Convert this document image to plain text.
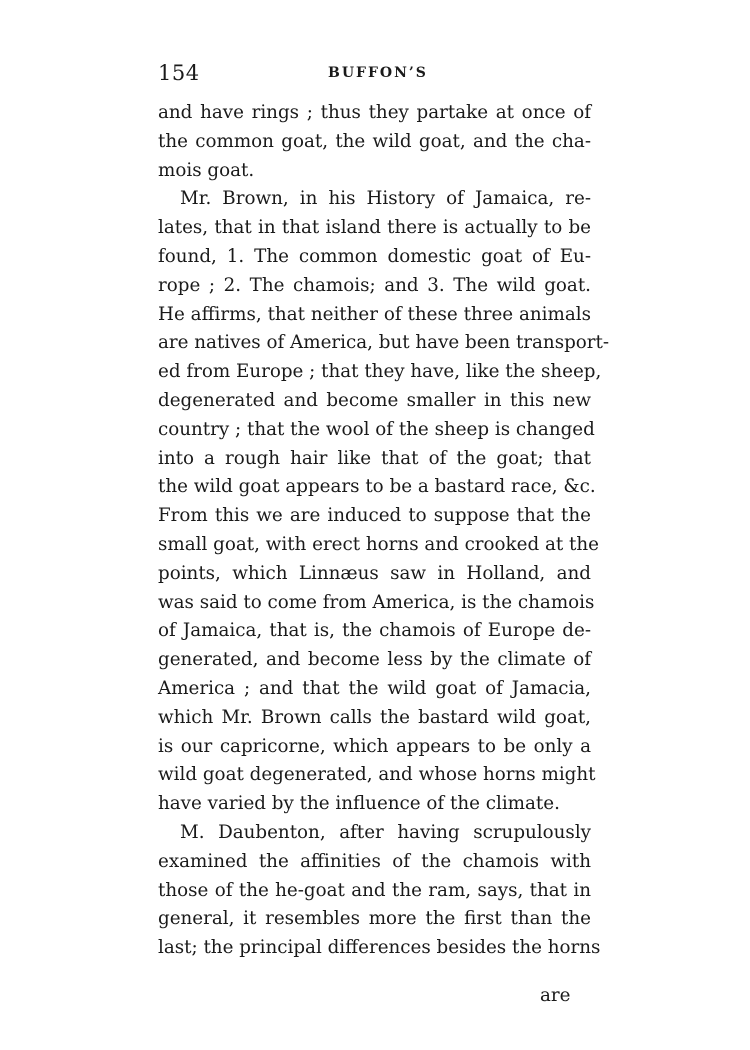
154	BUFFON’S
and have rings ; thus they partake at once of
the common goat, the wild goat, and the cha-
mois goat.
Mr. Brown, in his History of Jamaica, re-
lates, that in that island there is actually to be
found, 1. The common domestic goat of Eu-
rope ; 2. The chamois; and 3. The wild goat.
He affirms, that neither of these three animals
are natives of America, but have been transport-
ed from Europe ; that they have, like the sheep,
degenerated and become smaller in this new
country ; that the wool of the sheep is changed
into a rough hair like that of the goat; that
the wild goat appears to be a bastard race, &c.
From this we are induced to suppose that the
small goat, with erect horns and crooked at the
points, which Linnæus saw in Holland, and
was said to come from America, is the chamois
of Jamaica, that is, the chamois of Europe de-
generated, and become less by the climate of
America ; and that the wild goat of Jamacia,
which Mr. Brown calls the bastard wild goat,
is our capricorne, which appears to be only a
wild goat degenerated, and whose horns might
have varied by the influence of the climate.
M. Daubenton, after having scrupulously
examined the affinities of the chamois with
those of the he-goat and the ram, says, that in
general, it resembles more the first than the
last; the principal differences besides the horns
are
